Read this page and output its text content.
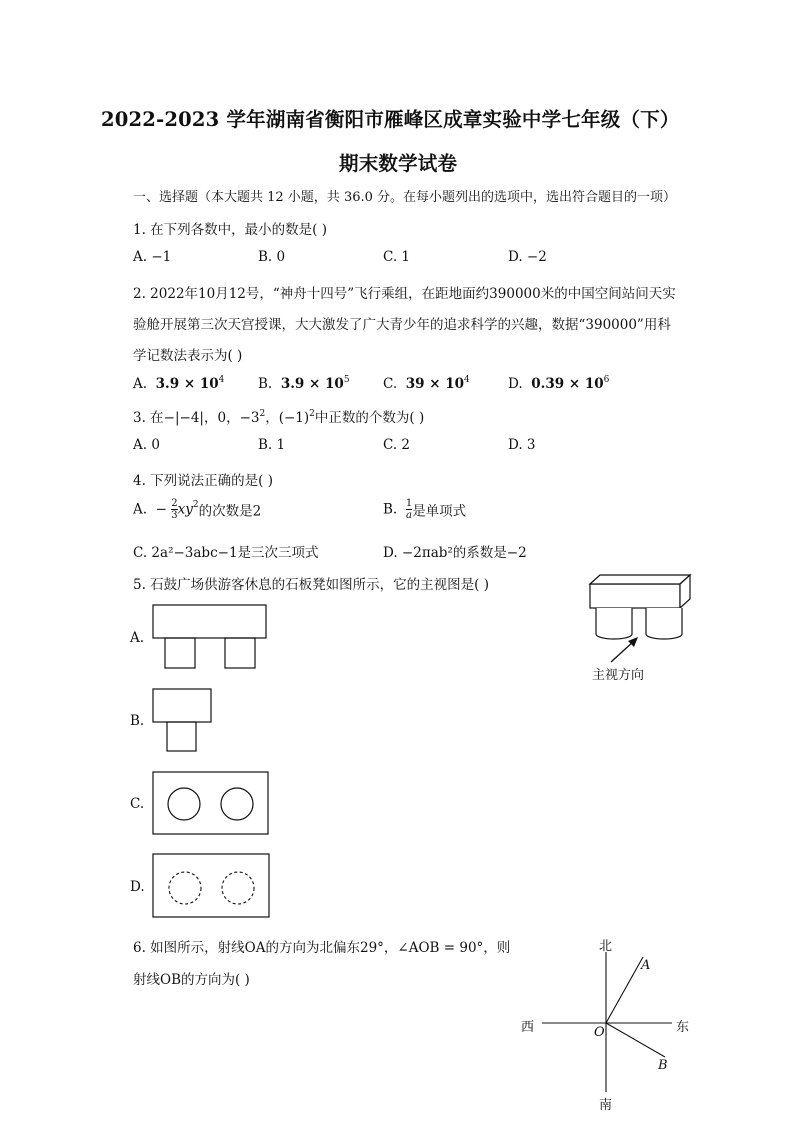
2022-2023 学年湖南省衡阳市雁峰区成章实验中学七年级（下）
期末数学试卷
一、选择题（本大题共 12 小题，共 36.0 分。在每小题列出的选项中，选出符合题目的一项）
1. 在下列各数中，最小的数是( )
A. −1	B. 0	C. 1	D. −2
2. 2022年10月12号，“神舟十四号”飞行乘组，在距地面约390000米的中国空间站问天实
验舱开展第三次天宫授课，大大激发了广大青少年的追求科学的兴趣，数据“390000”用科
学记数法表示为( )
A. $3.9 \times 10^4$ B. $3.9 \times 10^5$ C. $39 \times 10^4$	D. $0.39 \times 10^6$
3. 在−|−4|，0，$-3^2$，$(-1)^2$中正数的个数为( )
A. 0	B. 1	C. 2	D. 3
4. 下列说法正确的是( )
A.  − $\frac{2}{3} xy^2$的次数是2	B. $\frac{1}{a}$ 是单项式
C. 2a²−3abc−1是三次三项式	D. −2πab²的系数是−2
5. 石鼓广场供游客休息的石板凳如图所示，它的主视图是( )
主视方向
A.
B.
C.
D.
6. 如图所示，射线OA的方向为北偏东29°，∠AOB = 90°，则
射线OB的方向为( )
北
南
东
西	O
A
B
